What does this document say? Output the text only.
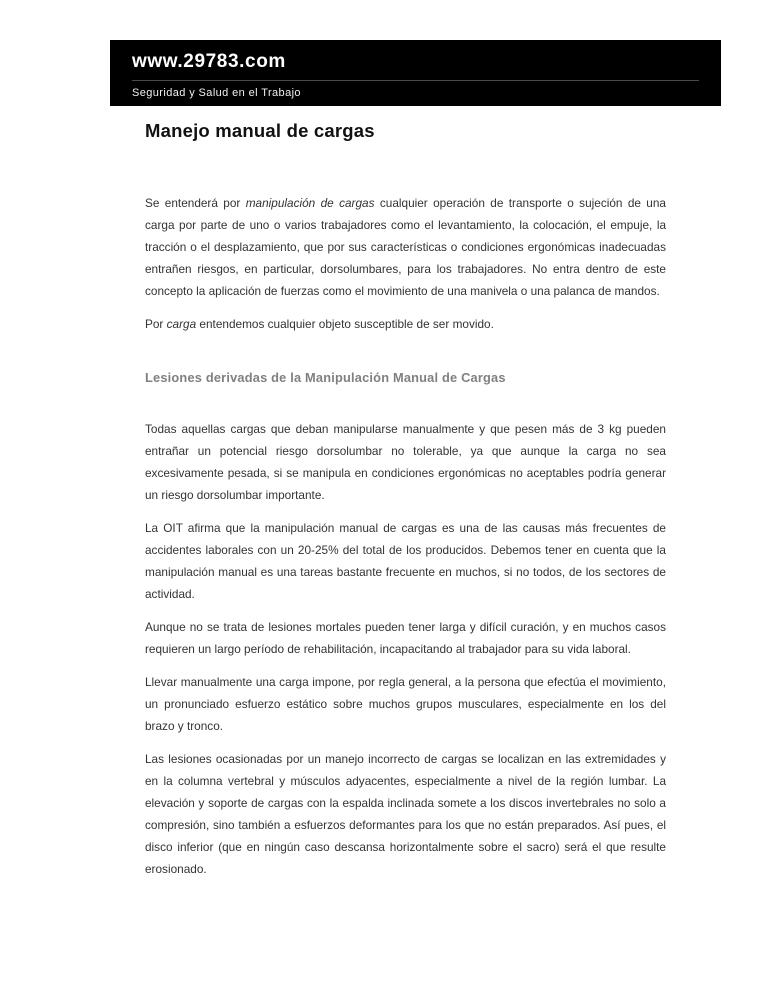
www.29783.com
Seguridad y Salud en el Trabajo
Manejo manual de cargas

Se entenderá por manipulación de cargas cualquier operación de transporte o sujeción de una carga por parte de uno o varios trabajadores como el levantamiento, la colocación, el empuje, la tracción o el desplazamiento, que por sus características o condiciones ergonómicas inadecuadas entrañen riesgos, en particular, dorsolumbares, para los trabajadores. No entra dentro de este concepto la aplicación de fuerzas como el movimiento de una manivela o una palanca de mandos.

Por carga entendemos cualquier objeto susceptible de ser movido.

Lesiones derivadas de la Manipulación Manual de Cargas

Todas aquellas cargas que deban manipularse manualmente y que pesen más de 3 kg pueden entrañar un potencial riesgo dorsolumbar no tolerable, ya que aunque la carga no sea excesivamente pesada, si se manipula en condiciones ergonómicas no aceptables podría generar un riesgo dorsolumbar importante.

La OIT afirma que la manipulación manual de cargas es una de las causas más frecuentes de accidentes laborales con un 20-25% del total de los producidos. Debemos tener en cuenta que la manipulación manual es una tareas bastante frecuente en muchos, si no todos, de los sectores de actividad.

Aunque no se trata de lesiones mortales pueden tener larga y difícil curación, y en muchos casos requieren un largo período de rehabilitación, incapacitando al trabajador para su vida laboral.

Llevar manualmente una carga impone, por regla general, a la persona que efectúa el movimiento, un pronunciado esfuerzo estático sobre muchos grupos musculares, especialmente en los del brazo y tronco.

Las lesiones ocasionadas por un manejo incorrecto de cargas se localizan en las extremidades y en la columna vertebral y músculos adyacentes, especialmente a nivel de la región lumbar. La elevación y soporte de cargas con la espalda inclinada somete a los discos invertebrales no solo a compresión, sino también a esfuerzos deformantes para los que no están preparados. Así pues, el disco inferior (que en ningún caso descansa horizontalmente sobre el sacro) será el que resulte erosionado.
